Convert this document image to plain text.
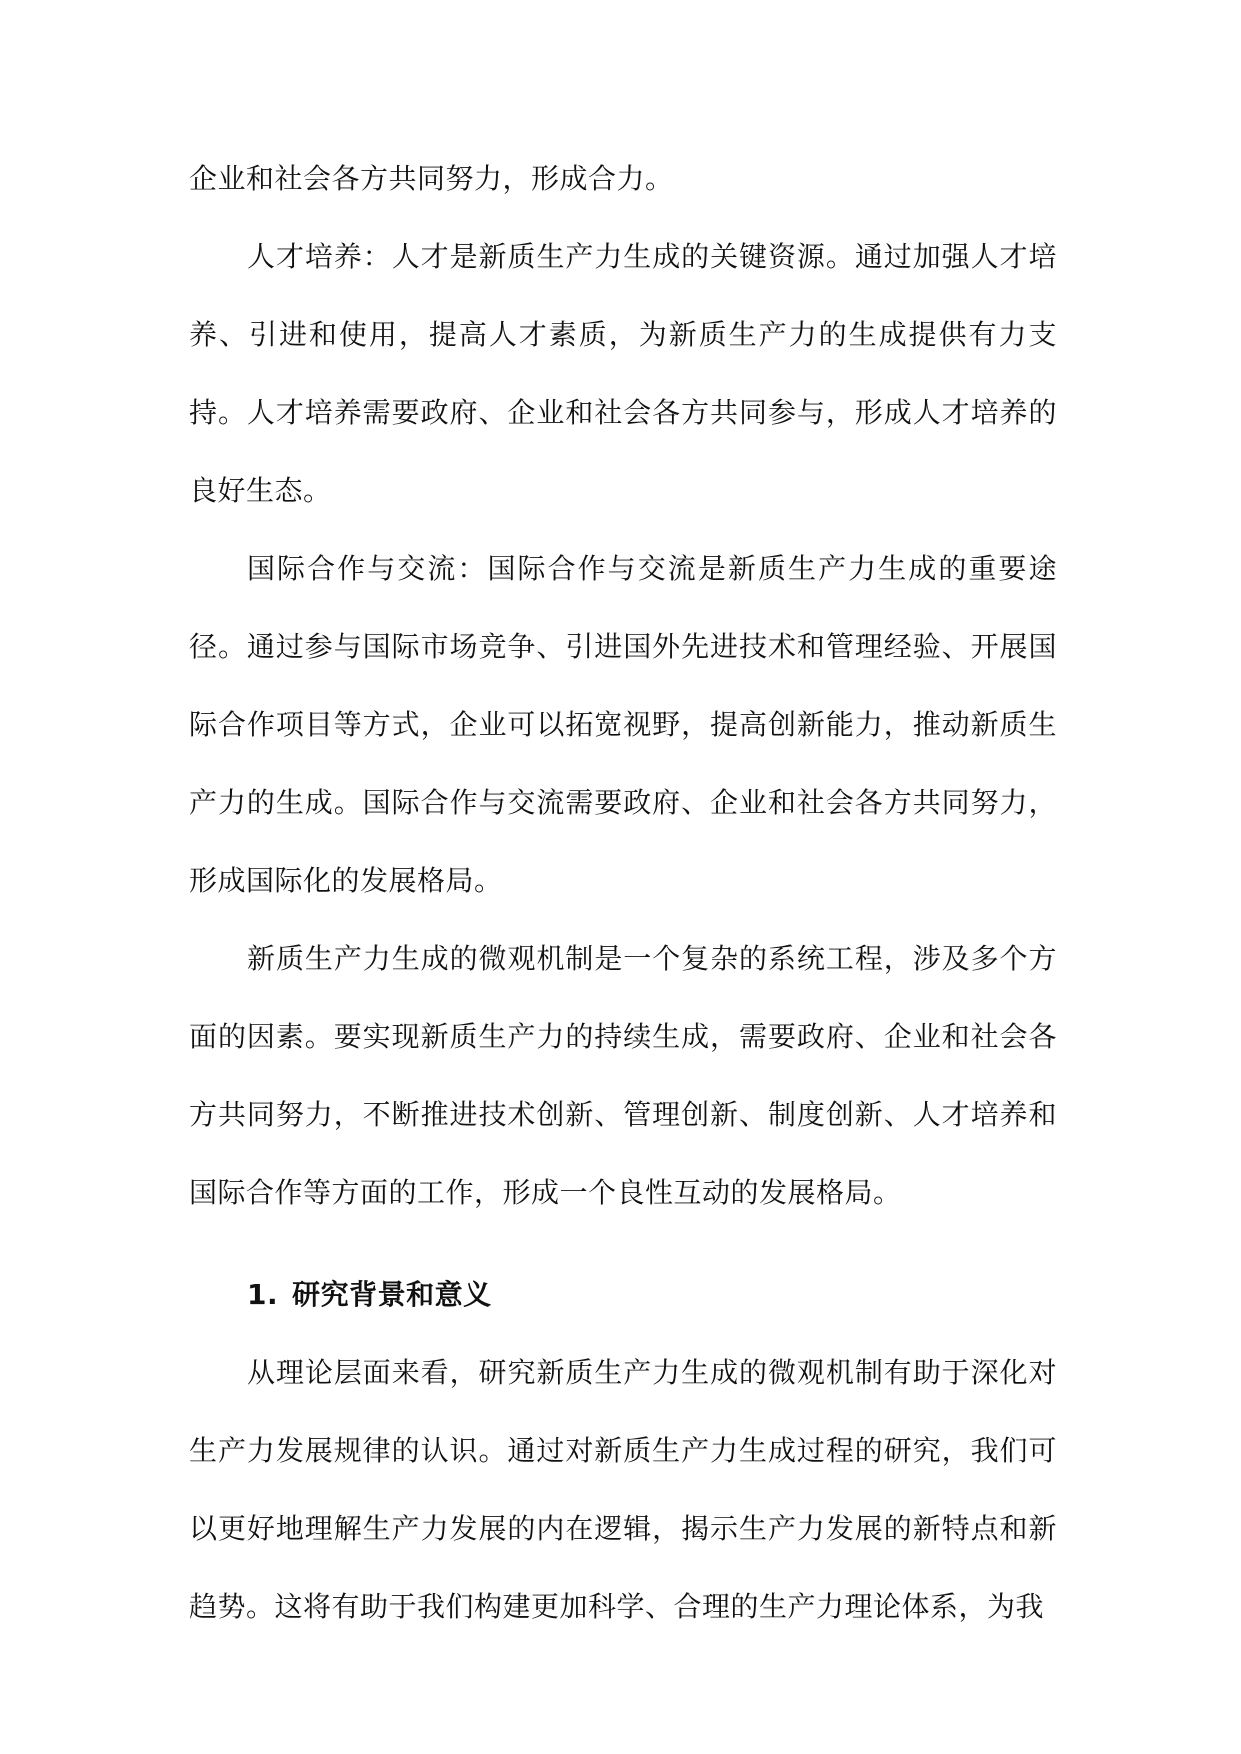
企业和社会各方共同努力，形成合力。

人才培养：人才是新质生产力生成的关键资源。通过加强人才培养、引进和使用，提高人才素质，为新质生产力的生成提供有力支持。人才培养需要政府、企业和社会各方共同参与，形成人才培养的良好生态。

国际合作与交流：国际合作与交流是新质生产力生成的重要途径。通过参与国际市场竞争、引进国外先进技术和管理经验、开展国际合作项目等方式，企业可以拓宽视野，提高创新能力，推动新质生产力的生成。国际合作与交流需要政府、企业和社会各方共同努力，形成国际化的发展格局。

新质生产力生成的微观机制是一个复杂的系统工程，涉及多个方面的因素。要实现新质生产力的持续生成，需要政府、企业和社会各方共同努力，不断推进技术创新、管理创新、制度创新、人才培养和国际合作等方面的工作，形成一个良性互动的发展格局。

1. 研究背景和意义

从理论层面来看，研究新质生产力生成的微观机制有助于深化对生产力发展规律的认识。通过对新质生产力生成过程的研究，我们可以更好地理解生产力发展的内在逻辑，揭示生产力发展的新特点和新趋势。这将有助于我们构建更加科学、合理的生产力理论体系，为我
